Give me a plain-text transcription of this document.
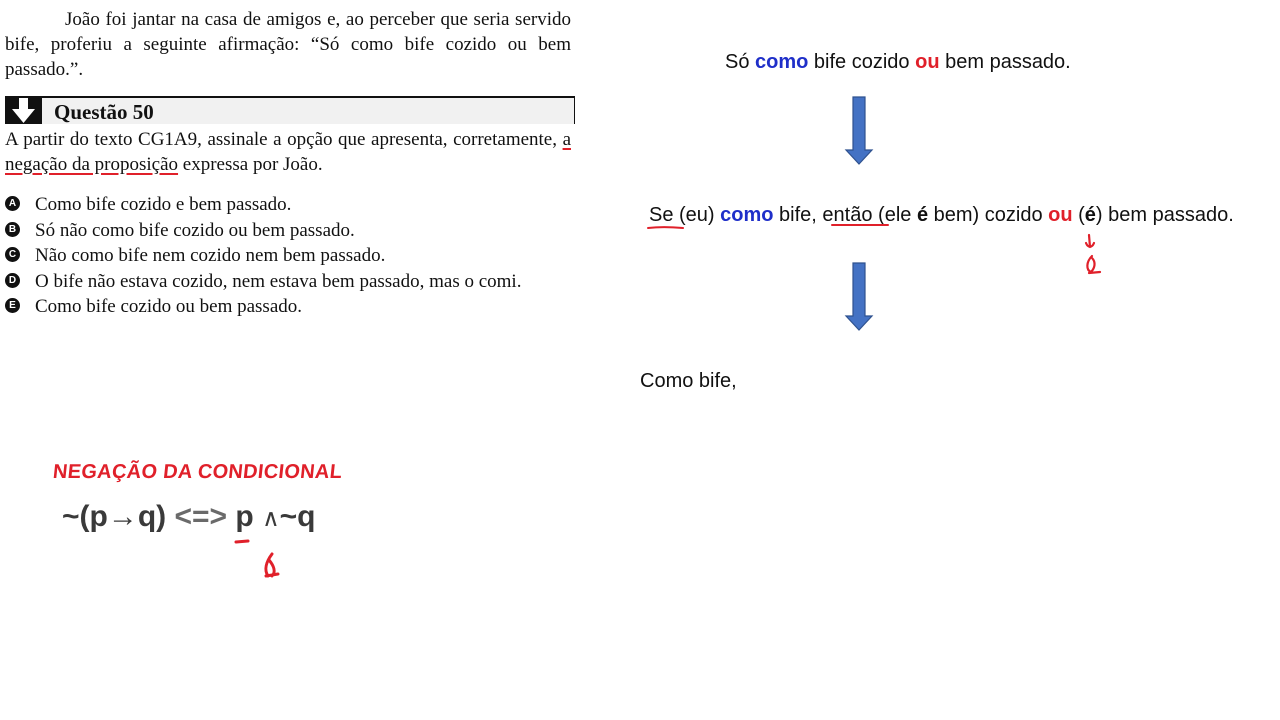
João foi jantar na casa de amigos e, ao perceber que seria servido bife, proferiu a seguinte afirmação: “Só como bife cozido ou bem passado.”.

Questão 50

A partir do texto CG1A9, assinale a opção que apresenta, corretamente, a negação da proposição expressa por João.

A Como bife cozido e bem passado.
B Só não como bife cozido ou bem passado.
C Não como bife nem cozido nem bem passado.
D O bife não estava cozido, nem estava bem passado, mas o comi.
E Como bife cozido ou bem passado.
NEGAÇÃO DA CONDICIONAL
~(p→q) <=> p ∧~q
Só como bife cozido ou bem passado.
Se (eu) como bife, então (ele é bem) cozido ou (é) bem passado.
Como bife,
